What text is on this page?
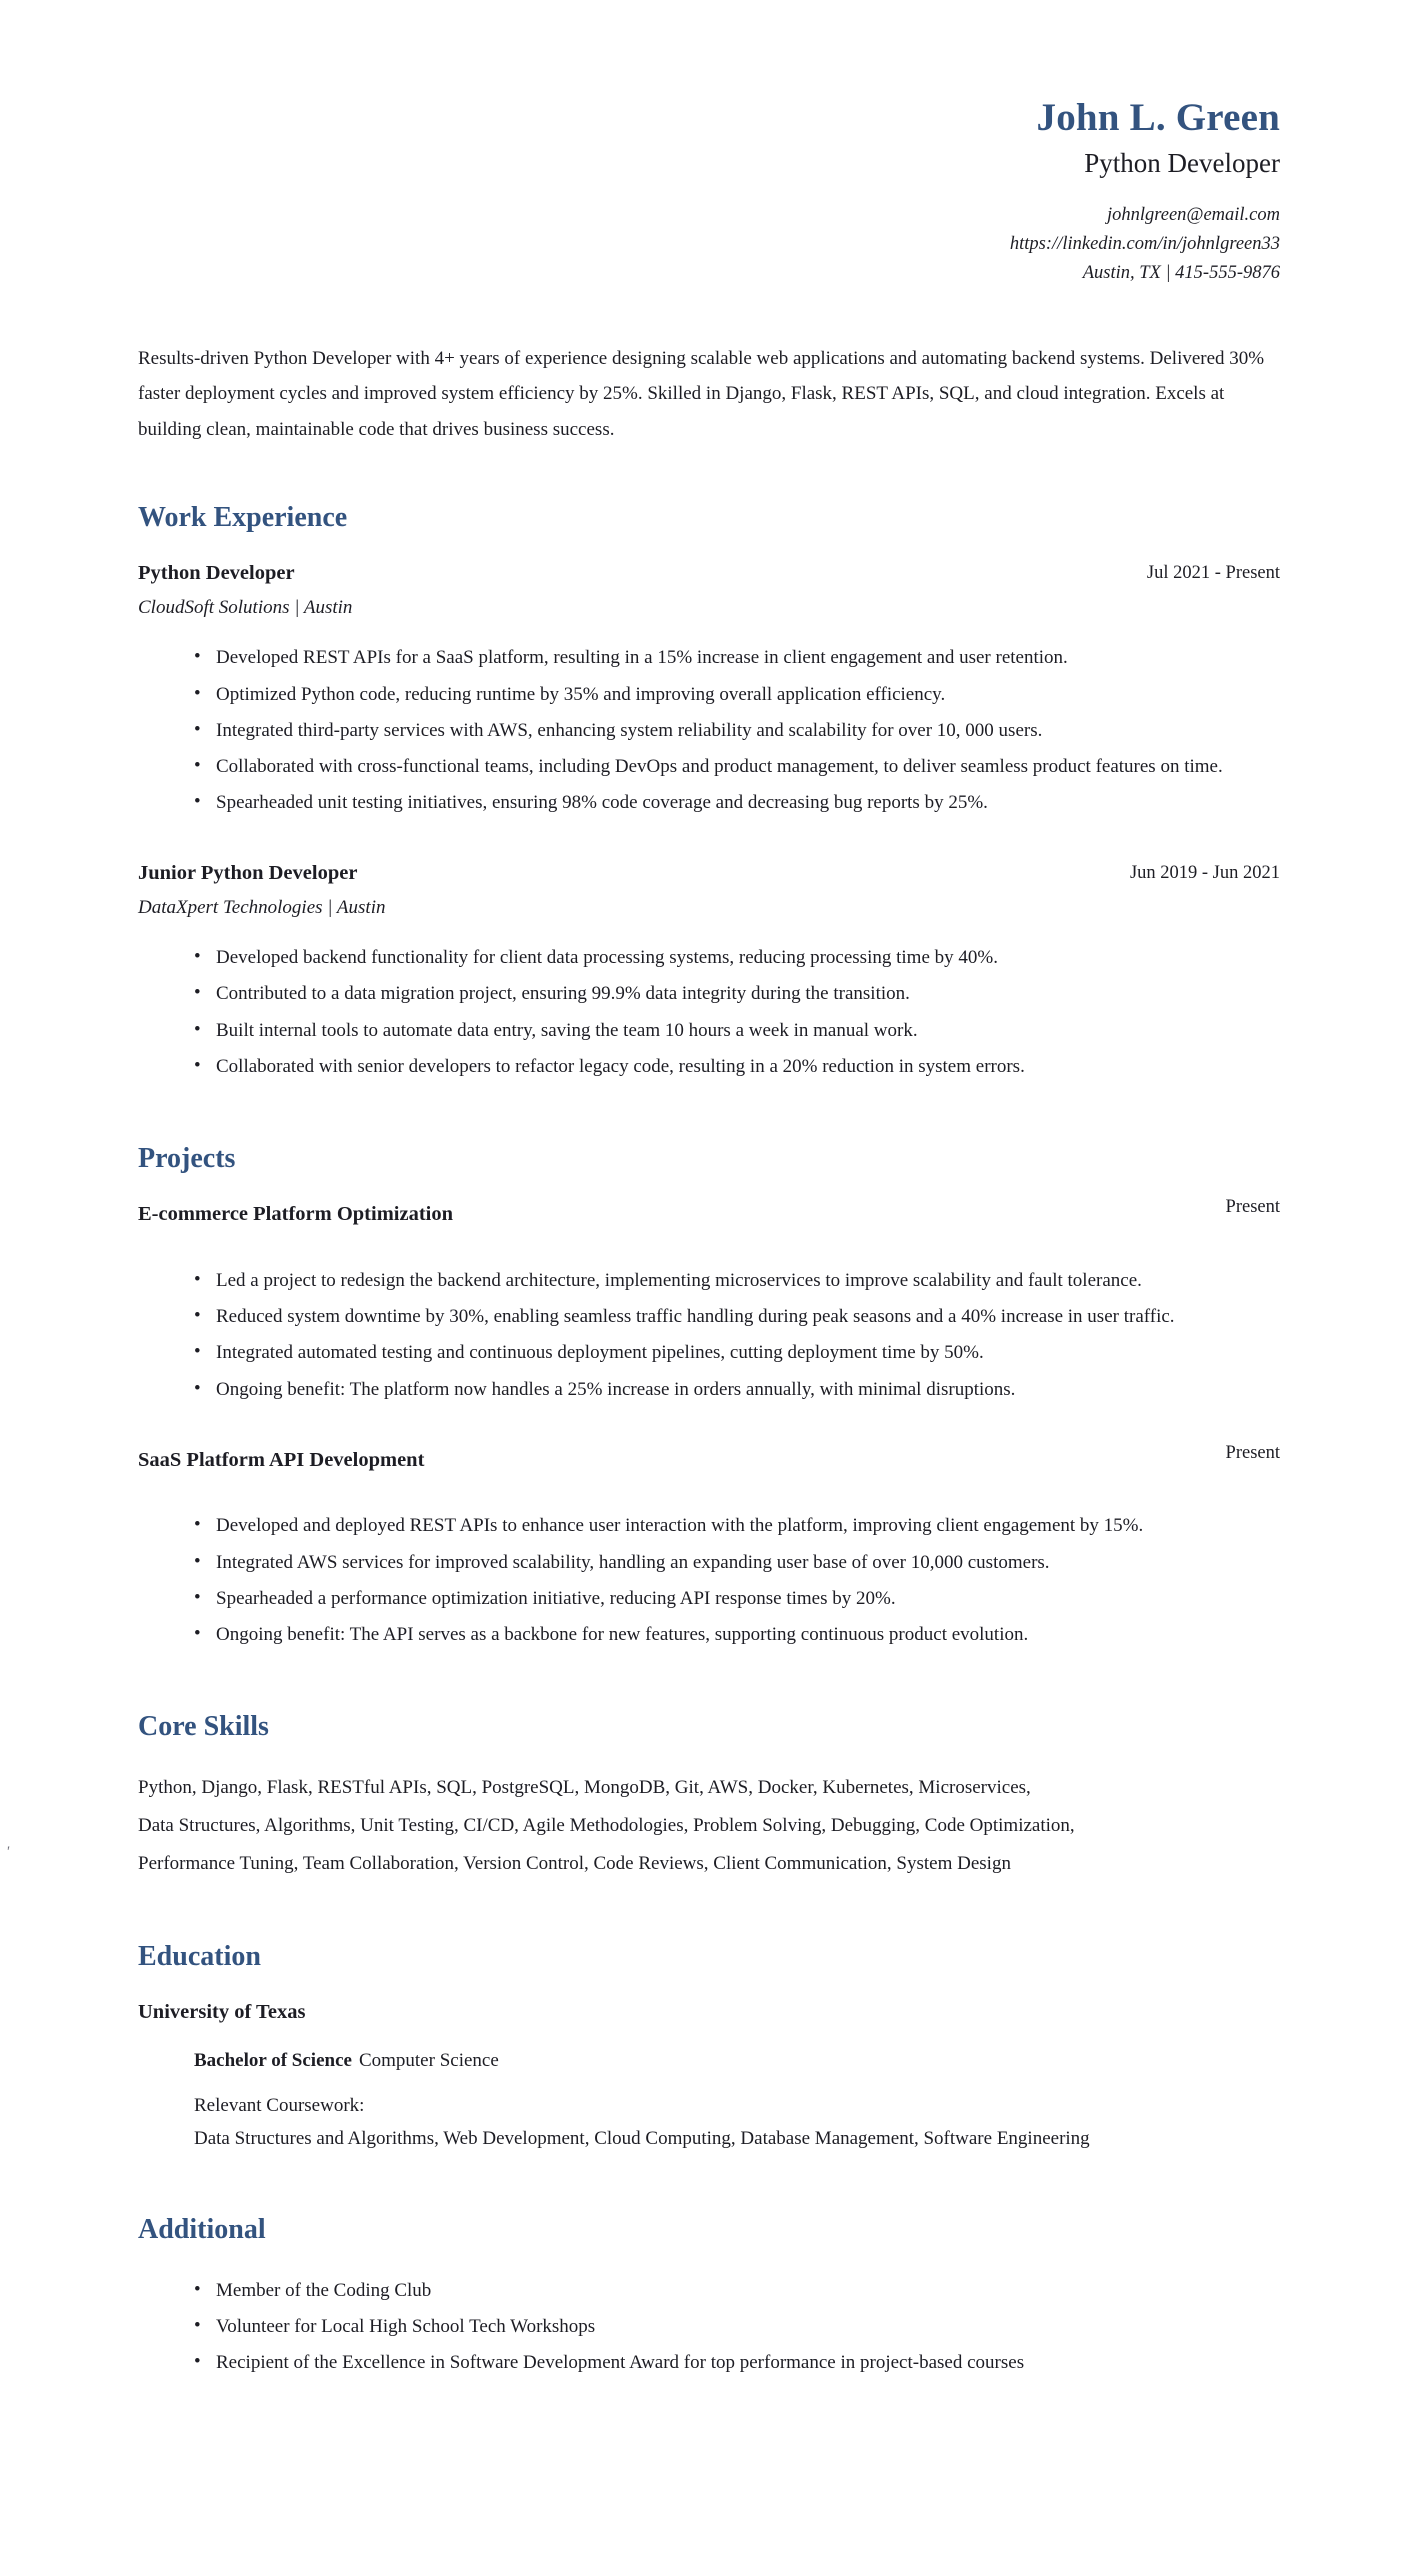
John L. Green
Python Developer
johnlgreen@email.com
https://linkedin.com/in/johnlgreen33
Austin, TX | 415-555-9876

Results-driven Python Developer with 4+ years of experience designing scalable web applications and automating backend systems. Delivered 30% faster deployment cycles and improved system efficiency by 25%. Skilled in Django, Flask, REST APIs, SQL, and cloud integration. Excels at building clean, maintainable code that drives business success.

Work Experience
Python Developer	Jul 2021 - Present
CloudSoft Solutions | Austin
• Developed REST APIs for a SaaS platform, resulting in a 15% increase in client engagement and user retention.
• Optimized Python code, reducing runtime by 35% and improving overall application efficiency.
• Integrated third-party services with AWS, enhancing system reliability and scalability for over 10, 000 users.
• Collaborated with cross-functional teams, including DevOps and product management, to deliver seamless product features on time.
• Spearheaded unit testing initiatives, ensuring 98% code coverage and decreasing bug reports by 25%.
Junior Python Developer	Jun 2019 - Jun 2021
DataXpert Technologies | Austin
• Developed backend functionality for client data processing systems, reducing processing time by 40%.
• Contributed to a data migration project, ensuring 99.9% data integrity during the transition.
• Built internal tools to automate data entry, saving the team 10 hours a week in manual work.
• Collaborated with senior developers to refactor legacy code, resulting in a 20% reduction in system errors.
Projects
E-commerce Platform Optimization	Present
• Led a project to redesign the backend architecture, implementing microservices to improve scalability and fault tolerance.
• Reduced system downtime by 30%, enabling seamless traffic handling during peak seasons and a 40% increase in user traffic.
• Integrated automated testing and continuous deployment pipelines, cutting deployment time by 50%.
• Ongoing benefit: The platform now handles a 25% increase in orders annually, with minimal disruptions.
SaaS Platform API Development	Present
• Developed and deployed REST APIs to enhance user interaction with the platform, improving client engagement by 15%.
• Integrated AWS services for improved scalability, handling an expanding user base of over 10,000 customers.
• Spearheaded a performance optimization initiative, reducing API response times by 20%.
• Ongoing benefit: The API serves as a backbone for new features, supporting continuous product evolution.
Core Skills
Python, Django, Flask, RESTful APIs, SQL, PostgreSQL, MongoDB, Git, AWS, Docker, Kubernetes, Microservices,
Data Structures, Algorithms, Unit Testing, CI/CD, Agile Methodologies, Problem Solving, Debugging, Code Optimization,
Performance Tuning, Team Collaboration, Version Control, Code Reviews, Client Communication, System Design
Education
University of Texas
Bachelor of Science Computer Science
Relevant Coursework:
Data Structures and Algorithms, Web Development, Cloud Computing, Database Management, Software Engineering
Additional
• Member of the Coding Club
• Volunteer for Local High School Tech Workshops
• Recipient of the Excellence in Software Development Award for top performance in project-based courses
'
